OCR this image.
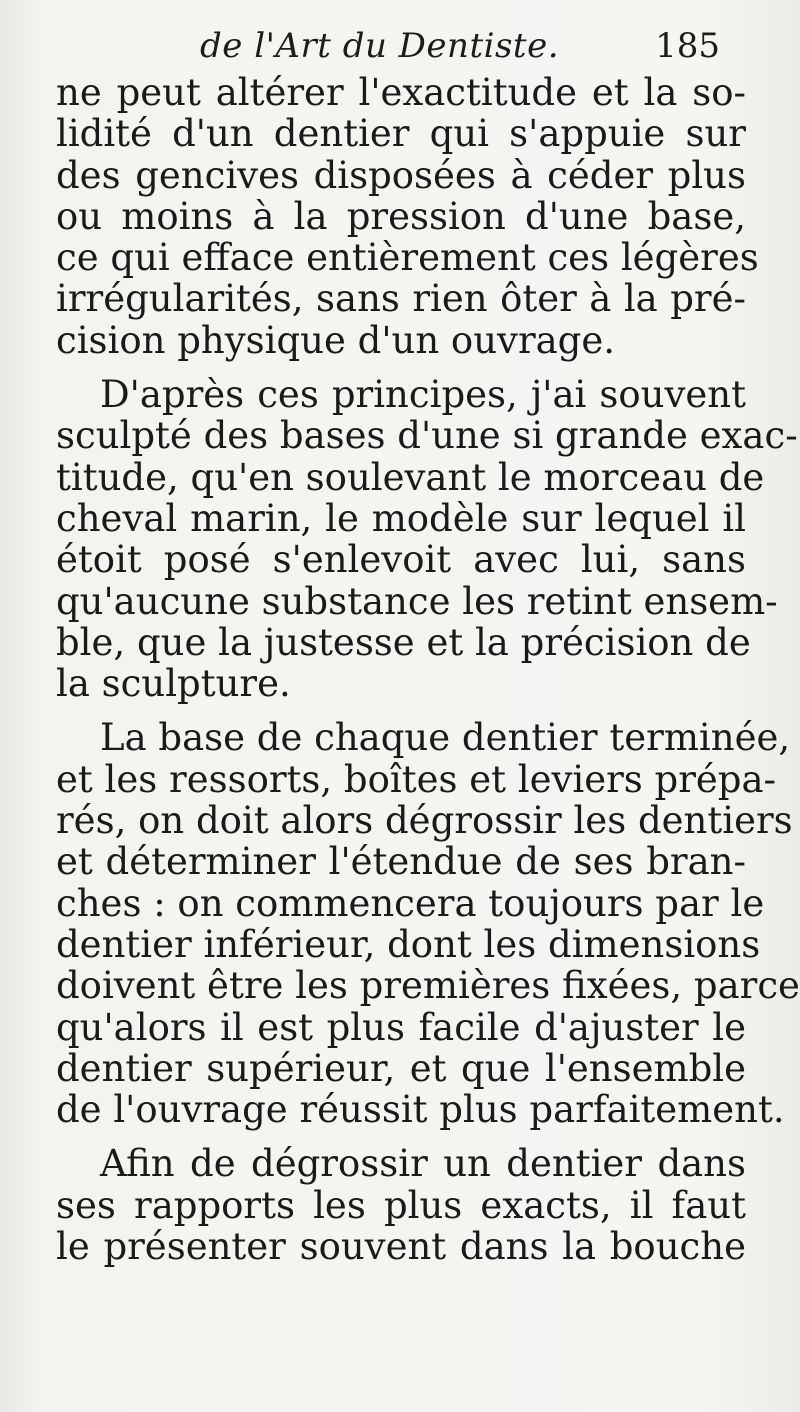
de l'Art du Dentiste.	185
ne peut altérer l'exactitude et la so-
lidité d'un dentier qui s'appuie sur
des gencives disposées à céder plus
ou moins à la pression d'une base,
ce qui efface entièrement ces légères
irrégularités, sans rien ôter à la pré-
cision physique d'un ouvrage.
D'après ces principes, j'ai souvent
sculpté des bases d'une si grande exac-
titude, qu'en soulevant le morceau de
cheval marin, le modèle sur lequel il
étoit posé s'enlevoit avec lui, sans
qu'aucune substance les retint ensem-
ble, que la justesse et la précision de
la sculpture.
La base de chaque dentier terminée,
et les ressorts, boîtes et leviers prépa-
rés, on doit alors dégrossir les dentiers
et déterminer l'étendue de ses bran-
ches : on commencera toujours par le
dentier inférieur, dont les dimensions
doivent être les premières fixées, parce
qu'alors il est plus facile d'ajuster le
dentier supérieur, et que l'ensemble
de l'ouvrage réussit plus parfaitement.
Afin de dégrossir un dentier dans
ses rapports les plus exacts, il faut
le présenter souvent dans la bouche
